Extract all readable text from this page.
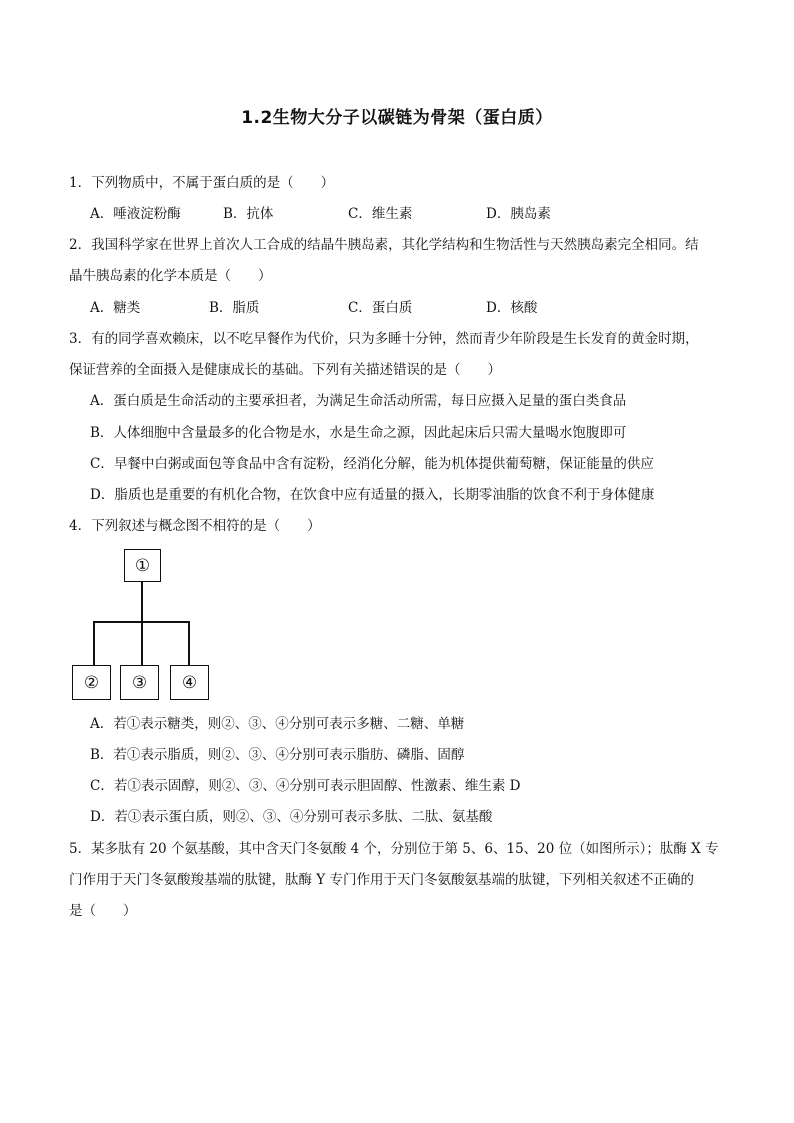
1.2生物大分子以碳链为骨架（蛋白质）
1．下列物质中，不属于蛋白质的是（　　）
A．唾液淀粉酶	B．抗体	C．维生素	D．胰岛素
2．我国科学家在世界上首次人工合成的结晶牛胰岛素，其化学结构和生物活性与天然胰岛素完全相同。结
晶牛胰岛素的化学本质是（　　）
A．糖类	B．脂质	C．蛋白质	D．核酸
3．有的同学喜欢赖床，以不吃早餐作为代价，只为多睡十分钟，然而青少年阶段是生长发育的黄金时期，
保证营养的全面摄入是健康成长的基础。下列有关描述错误的是（　　）
A．蛋白质是生命活动的主要承担者，为满足生命活动所需，每日应摄入足量的蛋白类食品
B．人体细胞中含量最多的化合物是水，水是生命之源，因此起床后只需大量喝水饱腹即可
C．早餐中白粥或面包等食品中含有淀粉，经消化分解，能为机体提供葡萄糖，保证能量的供应
D．脂质也是重要的有机化合物，在饮食中应有适量的摄入，长期零油脂的饮食不利于身体健康
4．下列叙述与概念图不相符的是（　　）
①
②	③	④
A．若①表示糖类，则②、③、④分别可表示多糖、二糖、单糖
B．若①表示脂质，则②、③、④分别可表示脂肪、磷脂、固醇
C．若①表示固醇，则②、③、④分别可表示胆固醇、性激素、维生素 D
D．若①表示蛋白质，则②、③、④分别可表示多肽、二肽、氨基酸
5．某多肽有 20 个氨基酸，其中含天门冬氨酸 4 个，分别位于第 5、6、15、20 位（如图所示）；肽酶 X 专
门作用于天门冬氨酸羧基端的肽键，肽酶 Y 专门作用于天门冬氨酸氨基端的肽键，下列相关叙述不正确的
是（　　）
